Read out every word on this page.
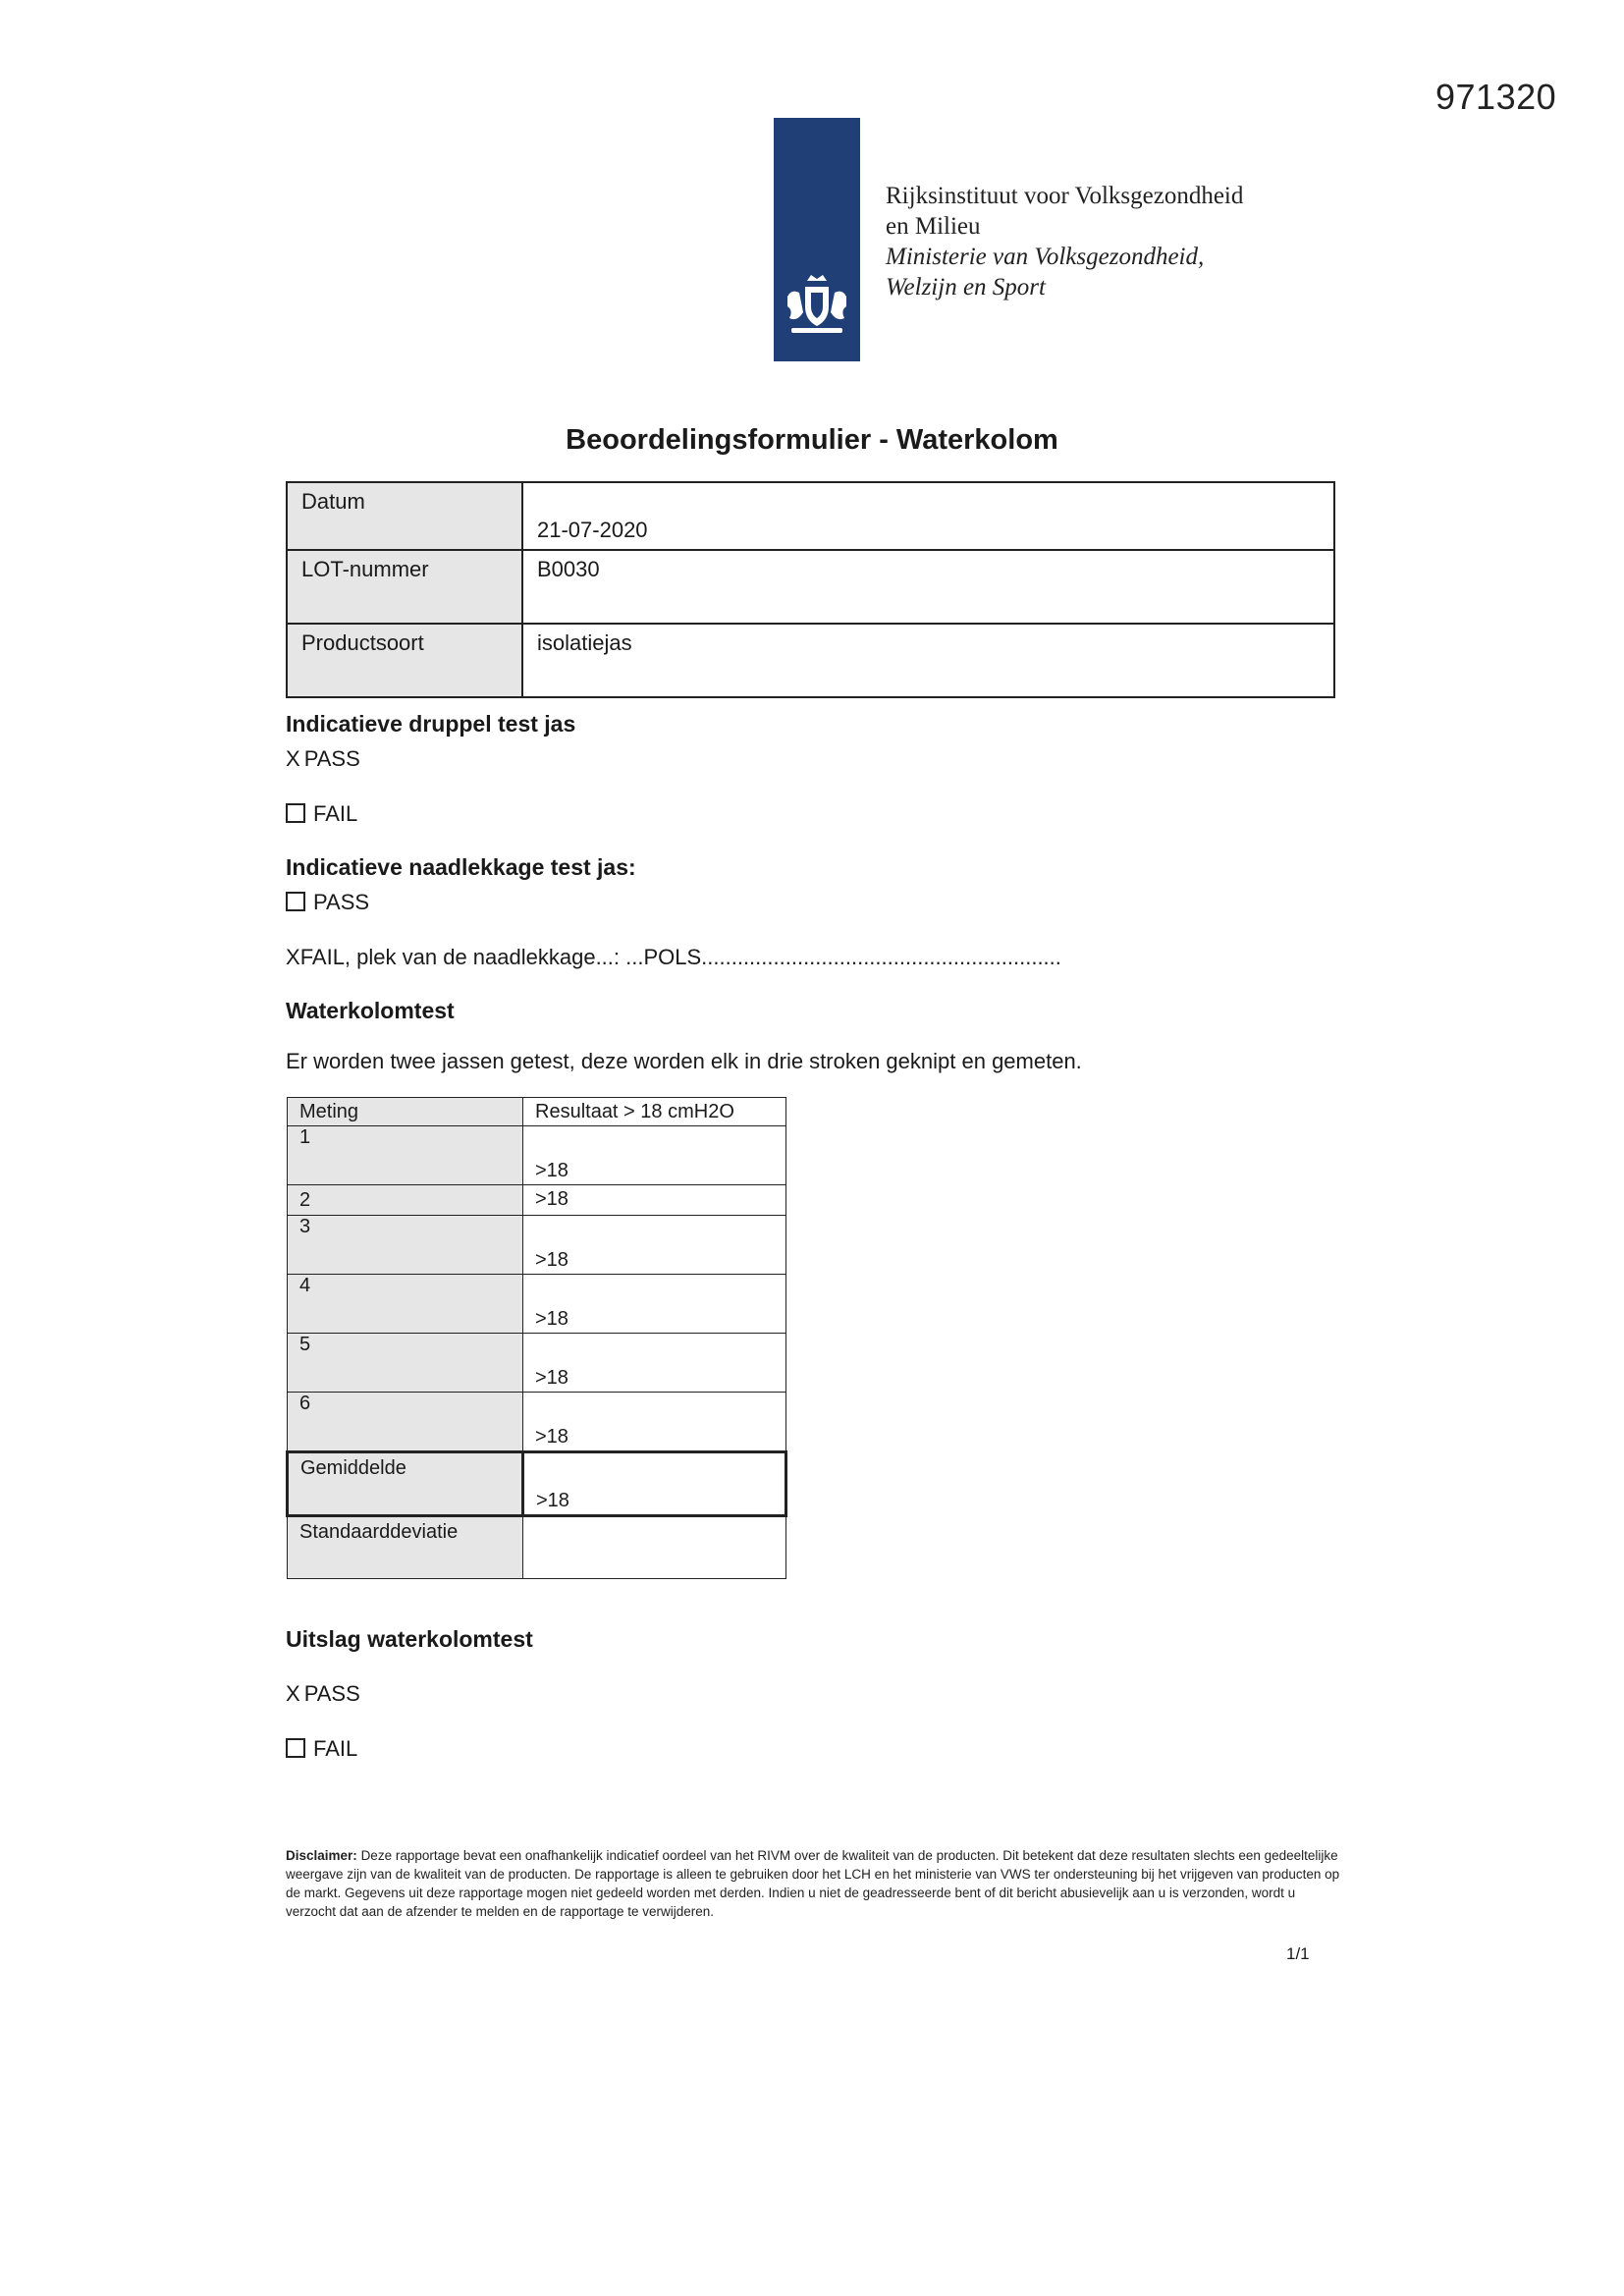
971320
Rijksinstituut voor Volksgezondheid
en Milieu
Ministerie van Volksgezondheid,
Welzijn en Sport
Beoordelingsformulier - Waterkolom
Datum	21-07-2020
LOT-nummer	B0030
Productsoort	isolatiejas
Indicatieve druppel test jas
X PASS
FAIL
Indicatieve naadlekkage test jas:
PASS
XFAIL, plek van de naadlekkage...: ...POLS............................................................
Waterkolomtest
Er worden twee jassen getest, deze worden elk in drie stroken geknipt en gemeten.
Meting	Resultaat > 18 cmH2O
1	>18
2	>18
3	>18
4	>18
5	>18
6	>18
Gemiddelde	>18
Standaarddeviatie	
Uitslag waterkolomtest
X PASS
FAIL
Disclaimer: Deze rapportage bevat een onafhankelijk indicatief oordeel van het RIVM over de kwaliteit van de producten. Dit betekent dat deze resultaten slechts een gedeeltelijke weergave zijn van de kwaliteit van de producten. De rapportage is alleen te gebruiken door het LCH en het ministerie van VWS ter ondersteuning bij het vrijgeven van producten op de markt. Gegevens uit deze rapportage mogen niet gedeeld worden met derden. Indien u niet de geadresseerde bent of dit bericht abusievelijk aan u is verzonden, wordt u verzocht dat aan de afzender te melden en de rapportage te verwijderen.
1/1
